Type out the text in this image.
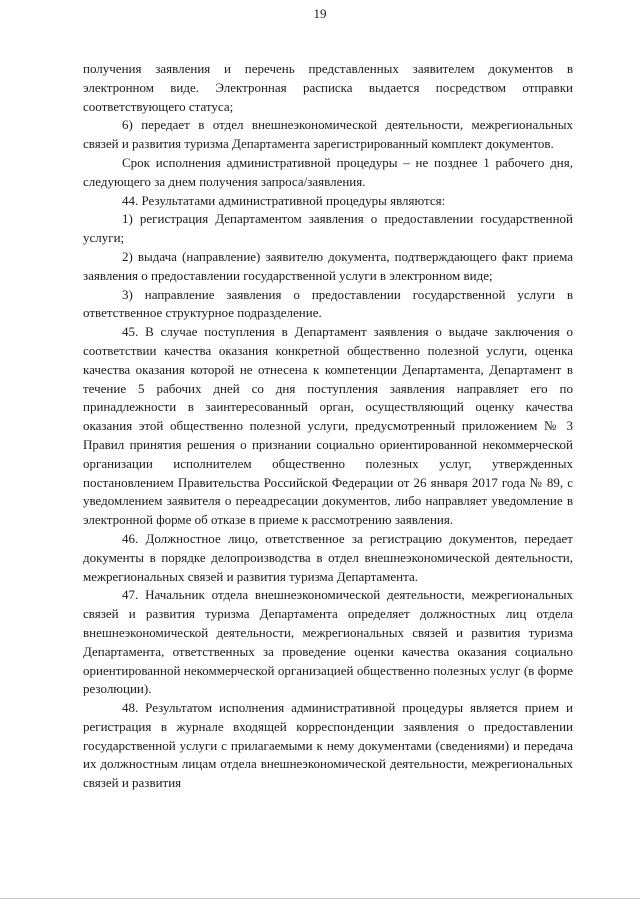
19

получения заявления и перечень представленных заявителем документов в электронном виде. Электронная расписка выдается посредством отправки соответствующего статуса;

6) передает в отдел внешнеэкономической деятельности, межрегиональных связей и развития туризма Департамента зарегистрированный комплект документов.

Срок исполнения административной процедуры – не позднее 1 рабочего дня, следующего за днем получения запроса/заявления.

44. Результатами административной процедуры являются:

1) регистрация Департаментом заявления о предоставлении государственной услуги;

2) выдача (направление) заявителю документа, подтверждающего факт приема заявления о предоставлении государственной услуги в электронном виде;

3) направление заявления о предоставлении государственной услуги в ответственное структурное подразделение.

45. В случае поступления в Департамент заявления о выдаче заключения о соответствии качества оказания конкретной общественно полезной услуги, оценка качества оказания которой не отнесена к компетенции Департамента, Департамент в течение 5 рабочих дней со дня поступления заявления направляет его по принадлежности в заинтересованный орган, осуществляющий оценку качества оказания этой общественно полезной услуги, предусмотренный приложением № 3 Правил принятия решения о признании социально ориентированной некоммерческой организации исполнителем общественно полезных услуг, утвержденных постановлением Правительства Российской Федерации от 26 января 2017 года № 89, с уведомлением заявителя о переадресации документов, либо направляет уведомление в электронной форме об отказе в приеме к рассмотрению заявления.

46. Должностное лицо, ответственное за регистрацию документов, передает документы в порядке делопроизводства в отдел внешнеэкономической деятельности, межрегиональных связей и развития туризма Департамента.

47. Начальник отдела внешнеэкономической деятельности, межрегиональных связей и развития туризма Департамента определяет должностных лиц отдела внешнеэкономической деятельности, межрегиональных связей и развития туризма Департамента, ответственных за проведение оценки качества оказания социально ориентированной некоммерческой организацией общественно полезных услуг (в форме резолюции).

48. Результатом исполнения административной процедуры является прием и регистрация в журнале входящей корреспонденции заявления о предоставлении государственной услуги с прилагаемыми к нему документами (сведениями) и передача их должностным лицам отдела внешнеэкономической деятельности, межрегиональных связей и развития
